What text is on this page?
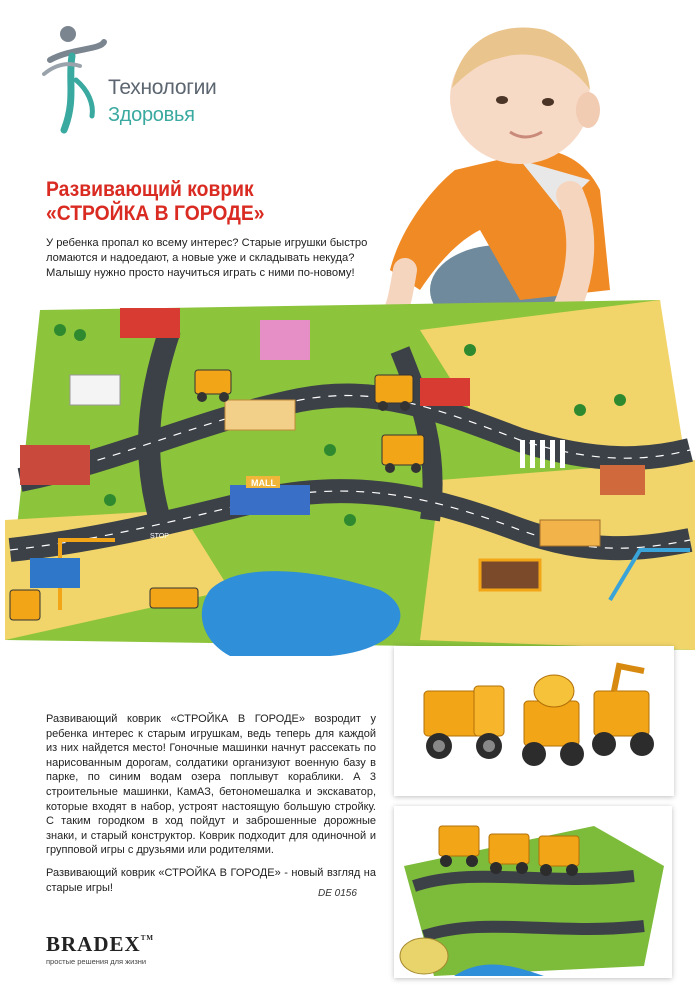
Технологии
Здоровья
Развивающий коврик
«СТРОЙКА В ГОРОДЕ»
У ребенка пропал ко всему интерес? Старые игрушки быстро ломаются и надоедают, а новые уже и складывать некуда? Малышу нужно просто научиться играть с ними по-новому!
MALL
STOP

Развивающий коврик «СТРОЙКА В ГОРОДЕ» возродит у ребенка интерес к старым игрушкам, ведь теперь для каждой из них найдется место! Гоночные машинки начнут рассекать по нарисованным дорогам, солдатики организуют военную базу в парке, по синим водам озера поплывут кораблики. А 3 строительные машинки, КамАЗ, бетономешалка и экскаватор, которые входят в набор, устроят настоящую большую стройку. С таким городком в ход пойдут и заброшенные дорожные знаки, и старый конструктор. Коврик подходит для одиночной и групповой игры с друзьями или родителями.

Развивающий коврик «СТРОЙКА В ГОРОДЕ» - новый взгляд на старые игры!	DE 0156
BRADEX™
простые решения для жизни
